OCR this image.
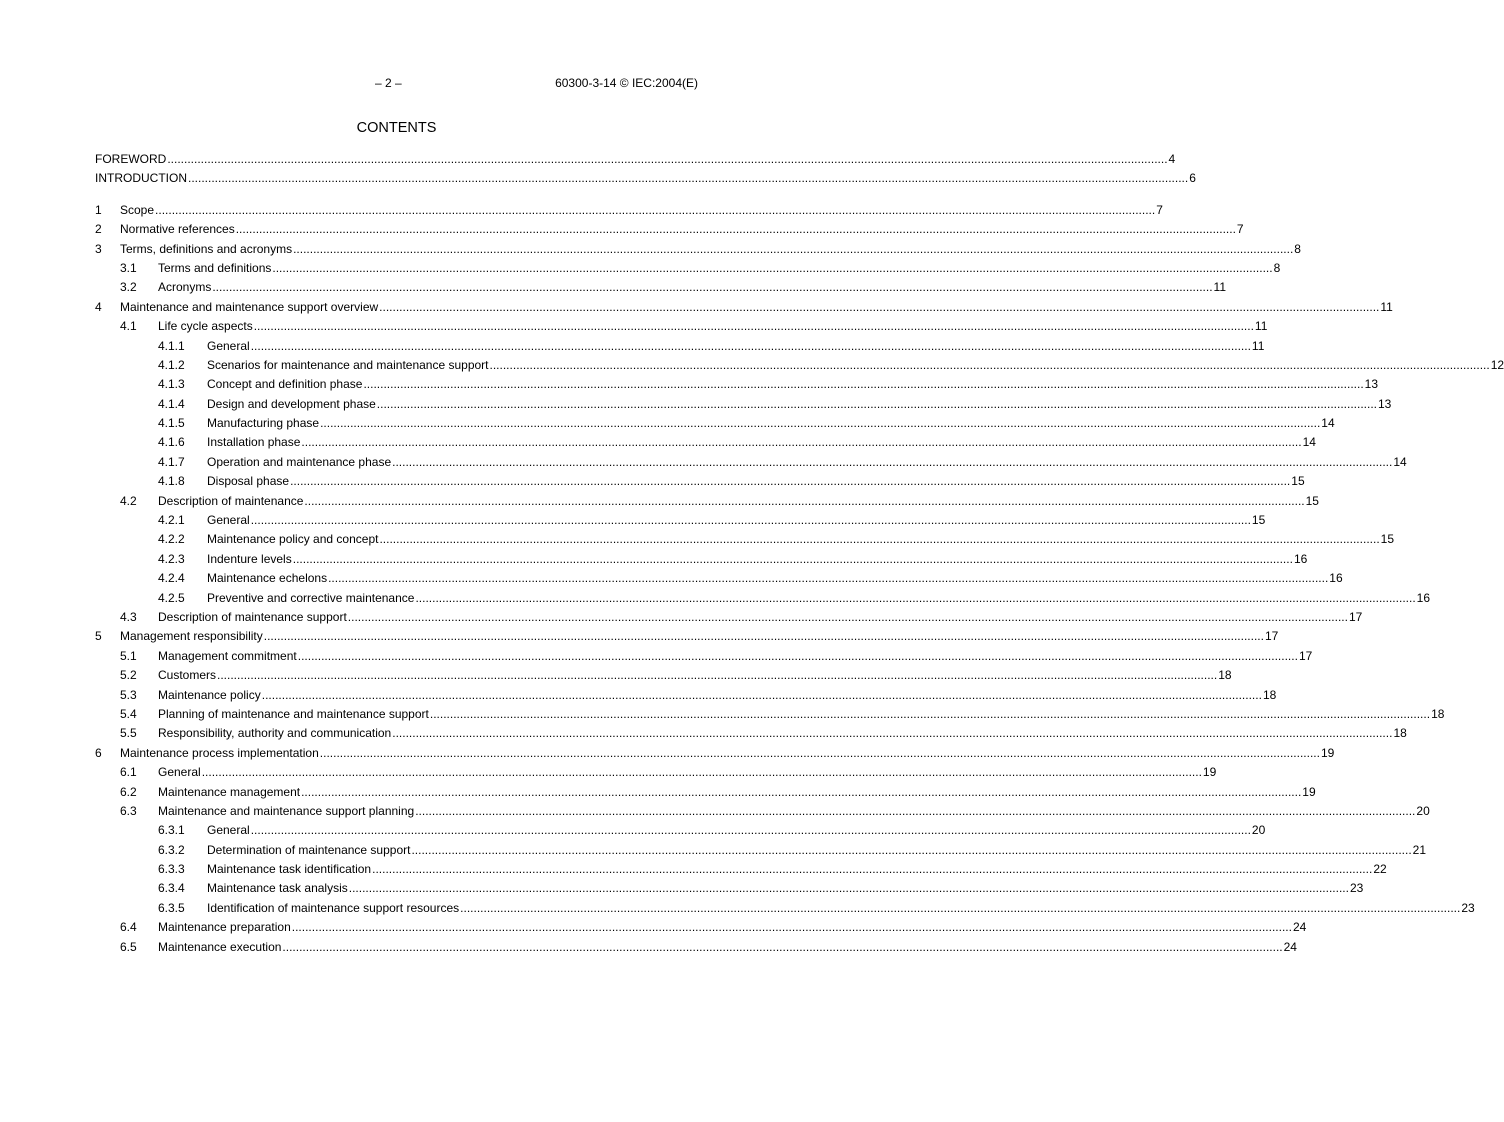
– 2 –	60300-3-14 © IEC:2004(E)
CONTENTS
FOREWORD ............................................................................................................................................................................................................................................................................................................ 4
INTRODUCTION ............................................................................................................................................................................................................................................................................................................ 6
1	Scope ............................................................................................................................................................................................................................................................................................................ 7
2	Normative references ............................................................................................................................................................................................................................................................................................................ 7
3	Terms, definitions and acronyms ............................................................................................................................................................................................................................................................................................................ 8
3.1	Terms and definitions ............................................................................................................................................................................................................................................................................................................ 8
3.2	Acronyms ............................................................................................................................................................................................................................................................................................................ 11
4	Maintenance and maintenance support overview ............................................................................................................................................................................................................................................................................................................ 11
4.1	Life cycle aspects ............................................................................................................................................................................................................................................................................................................ 11
4.1.1	General ............................................................................................................................................................................................................................................................................................................ 11
4.1.2	Scenarios for maintenance and maintenance support ............................................................................................................................................................................................................................................................................................................ 12
4.1.3	Concept and definition phase ............................................................................................................................................................................................................................................................................................................ 13
4.1.4	Design and development phase ............................................................................................................................................................................................................................................................................................................ 13
4.1.5	Manufacturing phase ............................................................................................................................................................................................................................................................................................................ 14
4.1.6	Installation phase ............................................................................................................................................................................................................................................................................................................ 14
4.1.7	Operation and maintenance phase ............................................................................................................................................................................................................................................................................................................ 14
4.1.8	Disposal phase ............................................................................................................................................................................................................................................................................................................ 15
4.2	Description of maintenance ............................................................................................................................................................................................................................................................................................................ 15
4.2.1	General ............................................................................................................................................................................................................................................................................................................ 15
4.2.2	Maintenance policy and concept ............................................................................................................................................................................................................................................................................................................ 15
4.2.3	Indenture levels ............................................................................................................................................................................................................................................................................................................ 16
4.2.4	Maintenance echelons ............................................................................................................................................................................................................................................................................................................ 16
4.2.5	Preventive and corrective maintenance ............................................................................................................................................................................................................................................................................................................ 16
4.3	Description of maintenance support ............................................................................................................................................................................................................................................................................................................ 17
5	Management responsibility ............................................................................................................................................................................................................................................................................................................ 17
5.1	Management commitment ............................................................................................................................................................................................................................................................................................................ 17
5.2	Customers ............................................................................................................................................................................................................................................................................................................ 18
5.3	Maintenance policy ............................................................................................................................................................................................................................................................................................................ 18
5.4	Planning of maintenance and maintenance support ............................................................................................................................................................................................................................................................................................................ 18
5.5	Responsibility, authority and communication ............................................................................................................................................................................................................................................................................................................ 18
6	Maintenance process implementation ............................................................................................................................................................................................................................................................................................................ 19
6.1	General ............................................................................................................................................................................................................................................................................................................ 19
6.2	Maintenance management ............................................................................................................................................................................................................................................................................................................ 19
6.3	Maintenance and maintenance support planning ............................................................................................................................................................................................................................................................................................................ 20
6.3.1	General ............................................................................................................................................................................................................................................................................................................ 20
6.3.2	Determination of maintenance support ............................................................................................................................................................................................................................................................................................................ 21
6.3.3	Maintenance task identification ............................................................................................................................................................................................................................................................................................................ 22
6.3.4	Maintenance task analysis ............................................................................................................................................................................................................................................................................................................ 23
6.3.5	Identification of maintenance support resources ............................................................................................................................................................................................................................................................................................................ 23
6.4	Maintenance preparation ............................................................................................................................................................................................................................................................................................................ 24
6.5	Maintenance execution ............................................................................................................................................................................................................................................................................................................ 24
